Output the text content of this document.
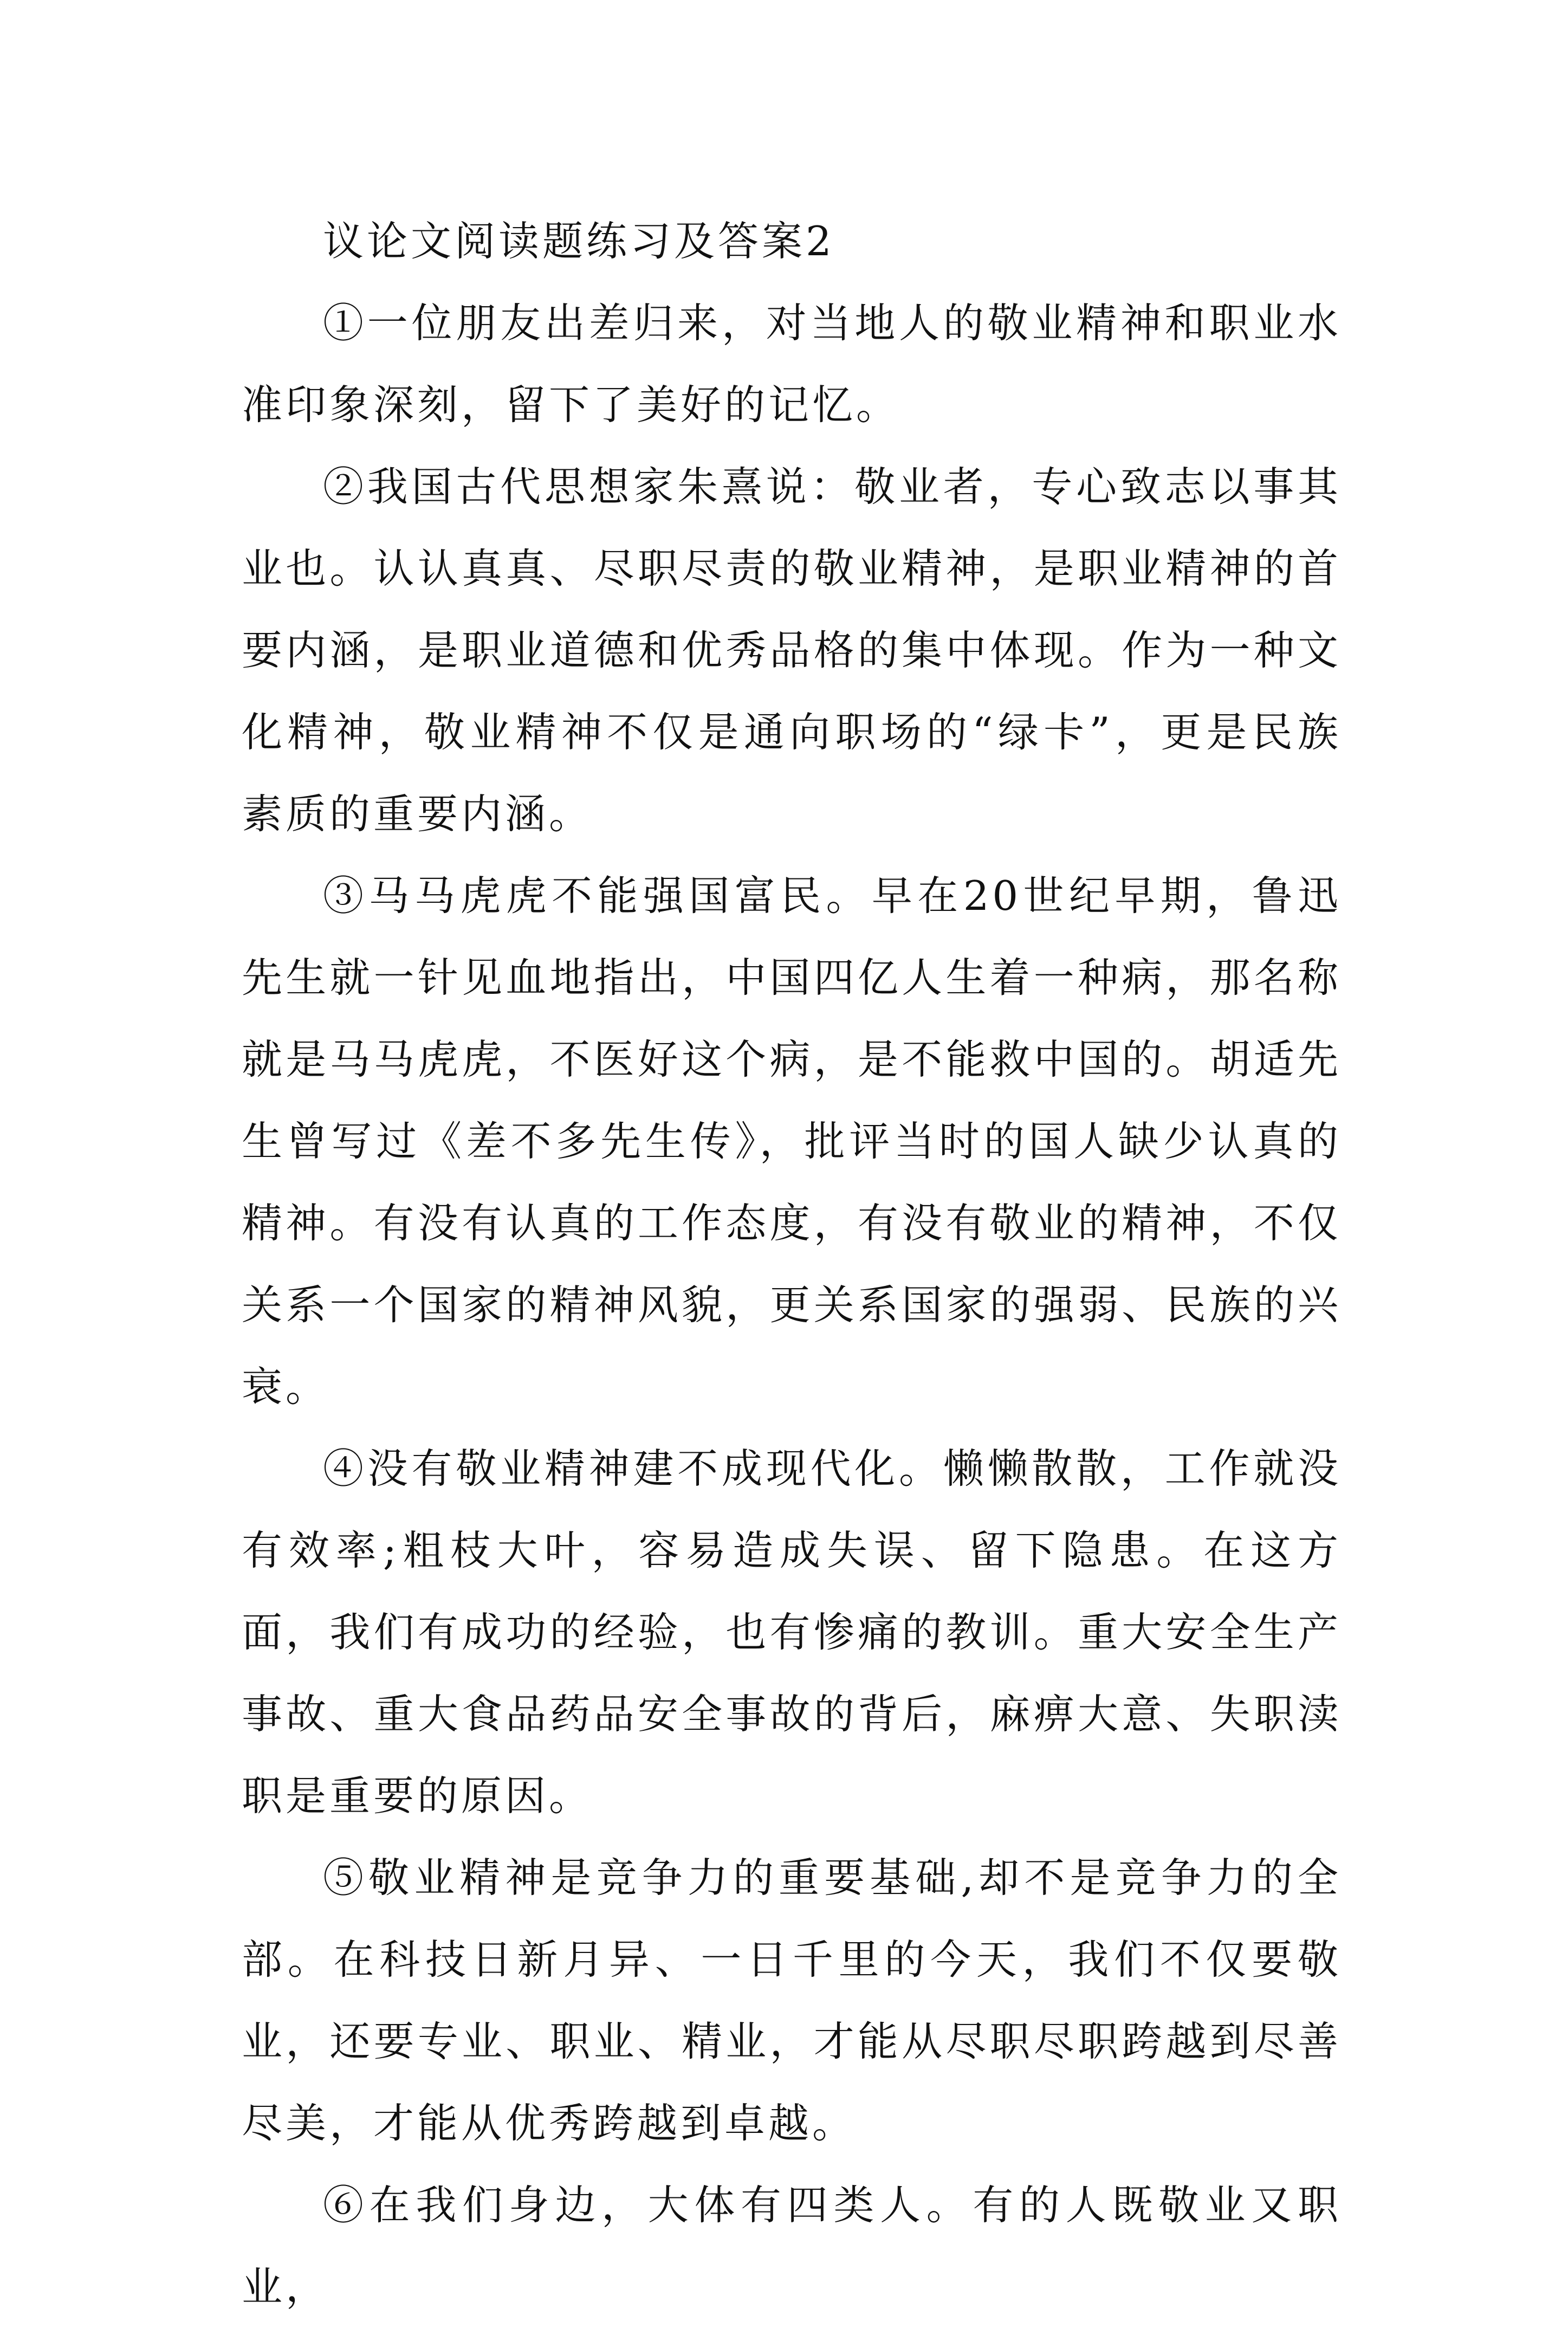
议论文阅读题练习及答案2

①一位朋友出差归来，对当地人的敬业精神和职业水准印象深刻，留下了美好的记忆。

②我国古代思想家朱熹说：敬业者，专心致志以事其业也。认认真真、尽职尽责的敬业精神，是职业精神的首要内涵，是职业道德和优秀品格的集中体现。作为一种文化精神，敬业精神不仅是通向职场的“绿卡”，更是民族素质的重要内涵。

③马马虎虎不能强国富民。早在20世纪早期，鲁迅先生就一针见血地指出，中国四亿人生着一种病，那名称就是马马虎虎，不医好这个病，是不能救中国的。胡适先生曾写过《差不多先生传》，批评当时的国人缺少认真的精神。有没有认真的工作态度，有没有敬业的精神，不仅关系一个国家的精神风貌，更关系国家的强弱、民族的兴衰。

④没有敬业精神建不成现代化。懒懒散散，工作就没有效率;粗枝大叶，容易造成失误、留下隐患。在这方面，我们有成功的经验，也有惨痛的教训。重大安全生产事故、重大食品药品安全事故的背后，麻痹大意、失职渎职是重要的原因。

⑤敬业精神是竞争力的重要基础,却不是竞争力的全部。在科技日新月异、一日千里的今天，我们不仅要敬业，还要专业、职业、精业，才能从尽职尽职跨越到尽善尽美，才能从优秀跨越到卓越。

⑥在我们身边，大体有四类人。有的人既敬业又职业，
